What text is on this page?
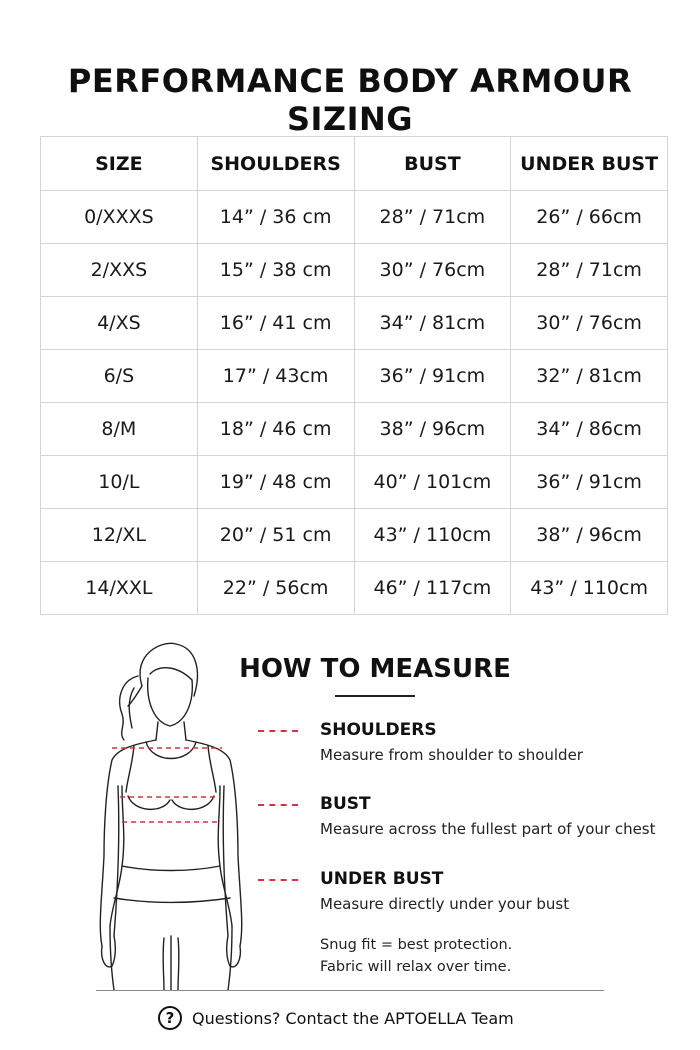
PERFORMANCE BODY ARMOUR SIZING
SIZE	SHOULDERS	BUST	UNDER BUST
0/XXXS	14” / 36 cm	28” / 71cm	26” / 66cm
2/XXS	15” / 38 cm	30” / 76cm	28” / 71cm
4/XS	16” / 41 cm	34” / 81cm	30” / 76cm
6/S	17” / 43cm	36” / 91cm	32” / 81cm
8/M	18” / 46 cm	38” / 96cm	34” / 86cm
10/L	19” / 48 cm	40” / 101cm	36” / 91cm
12/XL	20” / 51 cm	43” / 110cm	38” / 96cm
14/XXL	22” / 56cm	46” / 117cm	43” / 110cm
HOW TO MEASURE
SHOULDERS
Measure from shoulder to shoulder
BUST
Measure across the fullest part of your chest
UNDER BUST
Measure directly under your bust
Snug fit = best protection.
Fabric will relax over time.
?	Questions? Contact the APTOELLA Team
